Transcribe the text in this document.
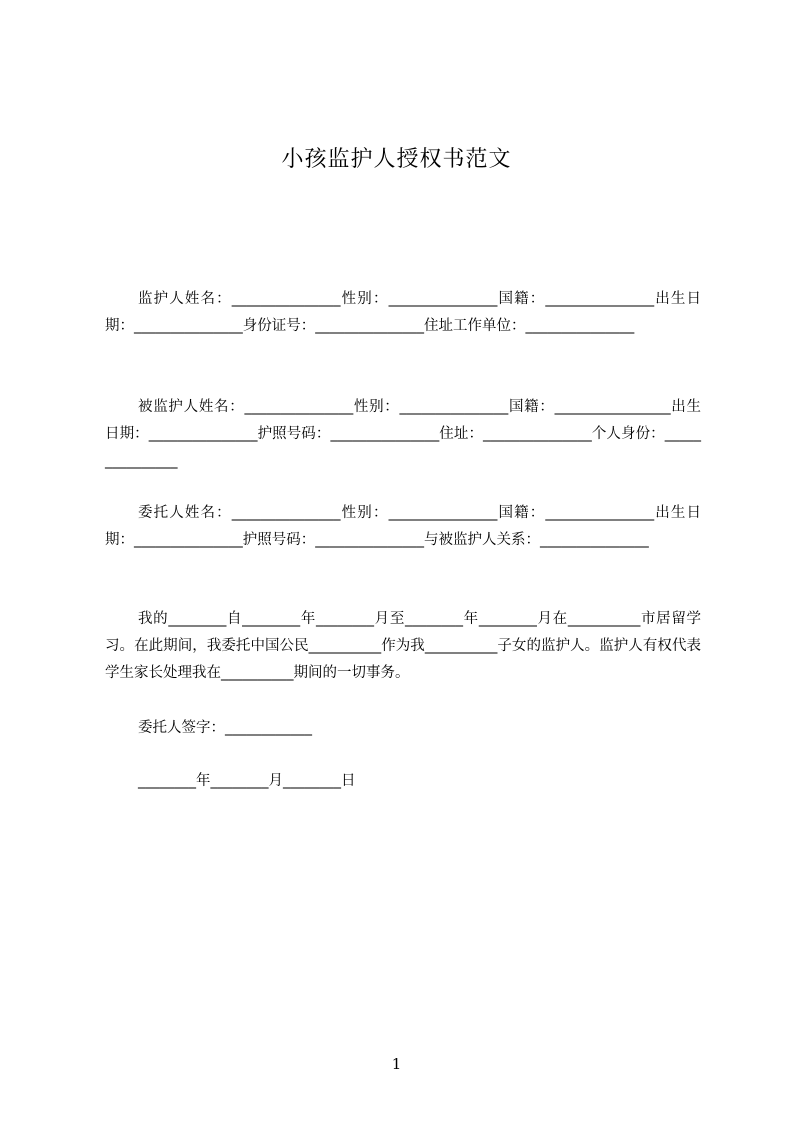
小孩监护人授权书范文
监护人姓名：_______________性别：_______________国籍：_______________出生日期：_______________身份证号：_______________住址工作单位：_______________
被监护人姓名：_______________性别：_______________国籍：________________出生日期：_______________护照号码：_______________住址：_______________个人身份：_______________
委托人姓名：_______________性别：_______________国籍：_______________出生日期：_______________护照号码：_______________与被监护人关系：_______________
我的________自________年________月至________年________月在__________市居留学习。在此期间，我委托中国公民__________作为我__________子女的监护人。监护人有权代表学生家长处理我在__________期间的一切事务。
委托人签字：____________
________年________月________日
1
